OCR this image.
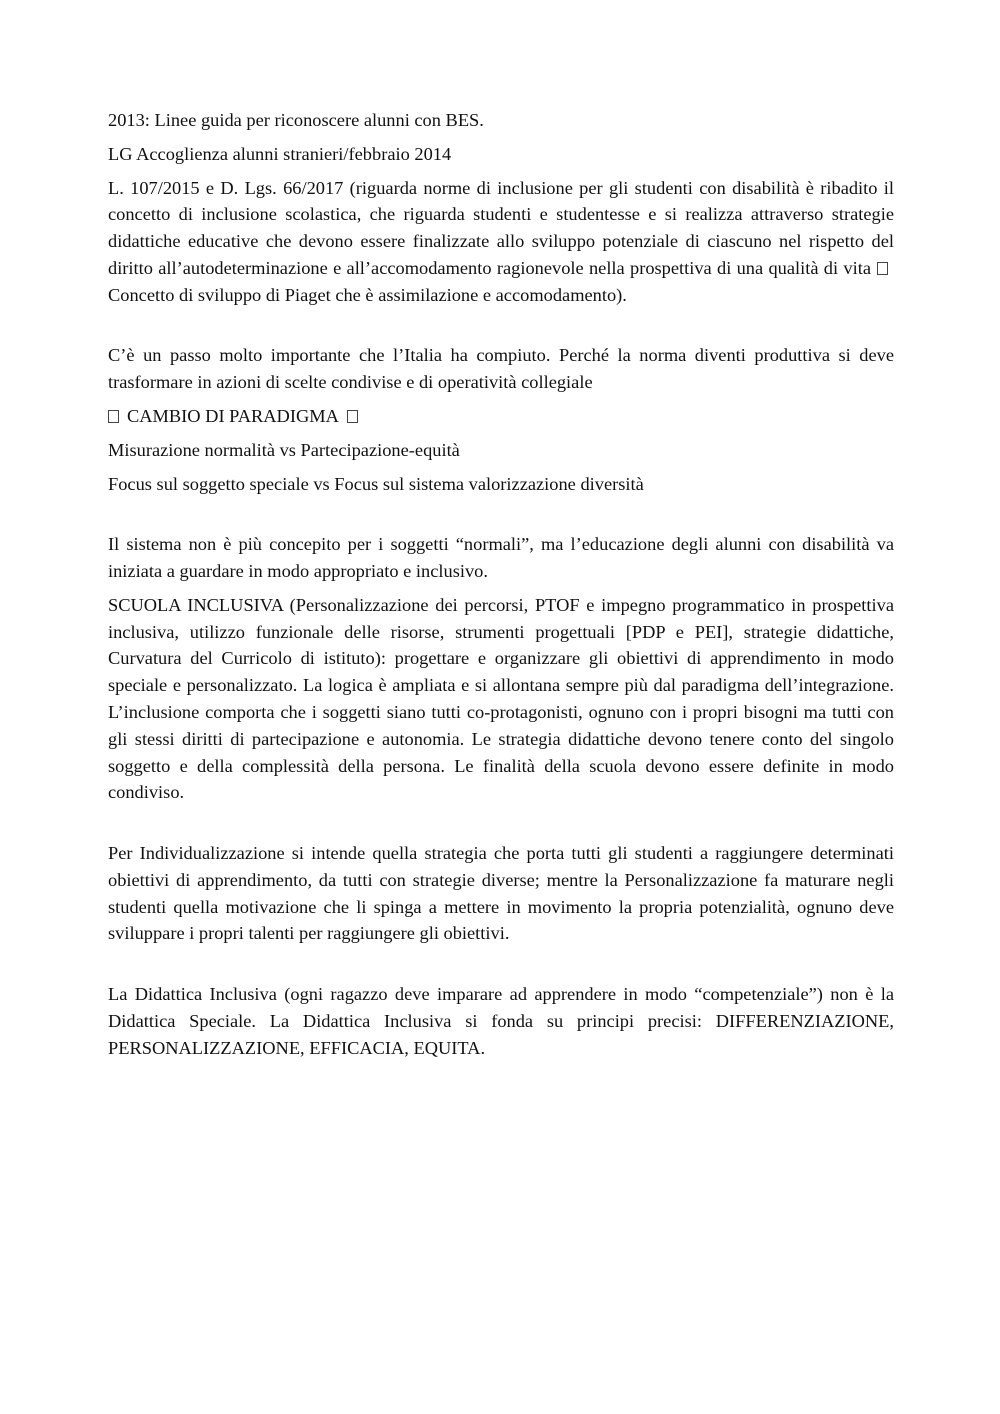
2013: Linee guida per riconoscere alunni con BES.

LG Accoglienza alunni stranieri/febbraio 2014

L. 107/2015 e D. Lgs. 66/2017 (riguarda norme di inclusione per gli studenti con disabilità è ribadito il concetto di inclusione scolastica, che riguarda studenti e studentesse e si realizza attraverso strategie didattiche educative che devono essere finalizzate allo sviluppo potenziale di ciascuno nel rispetto del diritto all’autodeterminazione e all’accomodamento ragionevole nella prospettiva di una qualità di vitaConcetto di sviluppo di Piaget che è assimilazione e accomodamento).

C’è un passo molto importante che l’Italia ha compiuto. Perché la norma diventi produttiva si deve trasformare in azioni di scelte condivise e di operatività collegiale

CAMBIO DI PARADIGMA

Misurazione normalità vs Partecipazione-equità

Focus sul soggetto speciale vs Focus sul sistema valorizzazione diversità

Il sistema non è più concepito per i soggetti “normali”, ma l’educazione degli alunni con disabilità va iniziata a guardare in modo appropriato e inclusivo.

SCUOLA INCLUSIVA (Personalizzazione dei percorsi, PTOF e impegno programmatico in prospettiva inclusiva, utilizzo funzionale delle risorse, strumenti progettuali [PDP e PEI], strategie didattiche, Curvatura del Curricolo di istituto): progettare e organizzare gli obiettivi di apprendimento in modo speciale e personalizzato. La logica è ampliata e si allontana sempre più dal paradigma dell’integrazione. L’inclusione comporta che i soggetti siano tutti co-protagonisti, ognuno con i propri bisogni ma tutti con gli stessi diritti di partecipazione e autonomia. Le strategia didattiche devono tenere conto del singolo soggetto e della complessità della persona. Le finalità della scuola devono essere definite in modo condiviso.

Per Individualizzazione si intende quella strategia che porta tutti gli studenti a raggiungere determinati obiettivi di apprendimento, da tutti con strategie diverse; mentre la Personalizzazione fa maturare negli studenti quella motivazione che li spinga a mettere in movimento la propria potenzialità, ognuno deve sviluppare i propri talenti per raggiungere gli obiettivi.

La Didattica Inclusiva (ogni ragazzo deve imparare ad apprendere in modo “competenziale”) non è la Didattica Speciale. La Didattica Inclusiva si fonda su principi precisi: DIFFERENZIAZIONE, PERSONALIZZAZIONE, EFFICACIA, EQUITA.
